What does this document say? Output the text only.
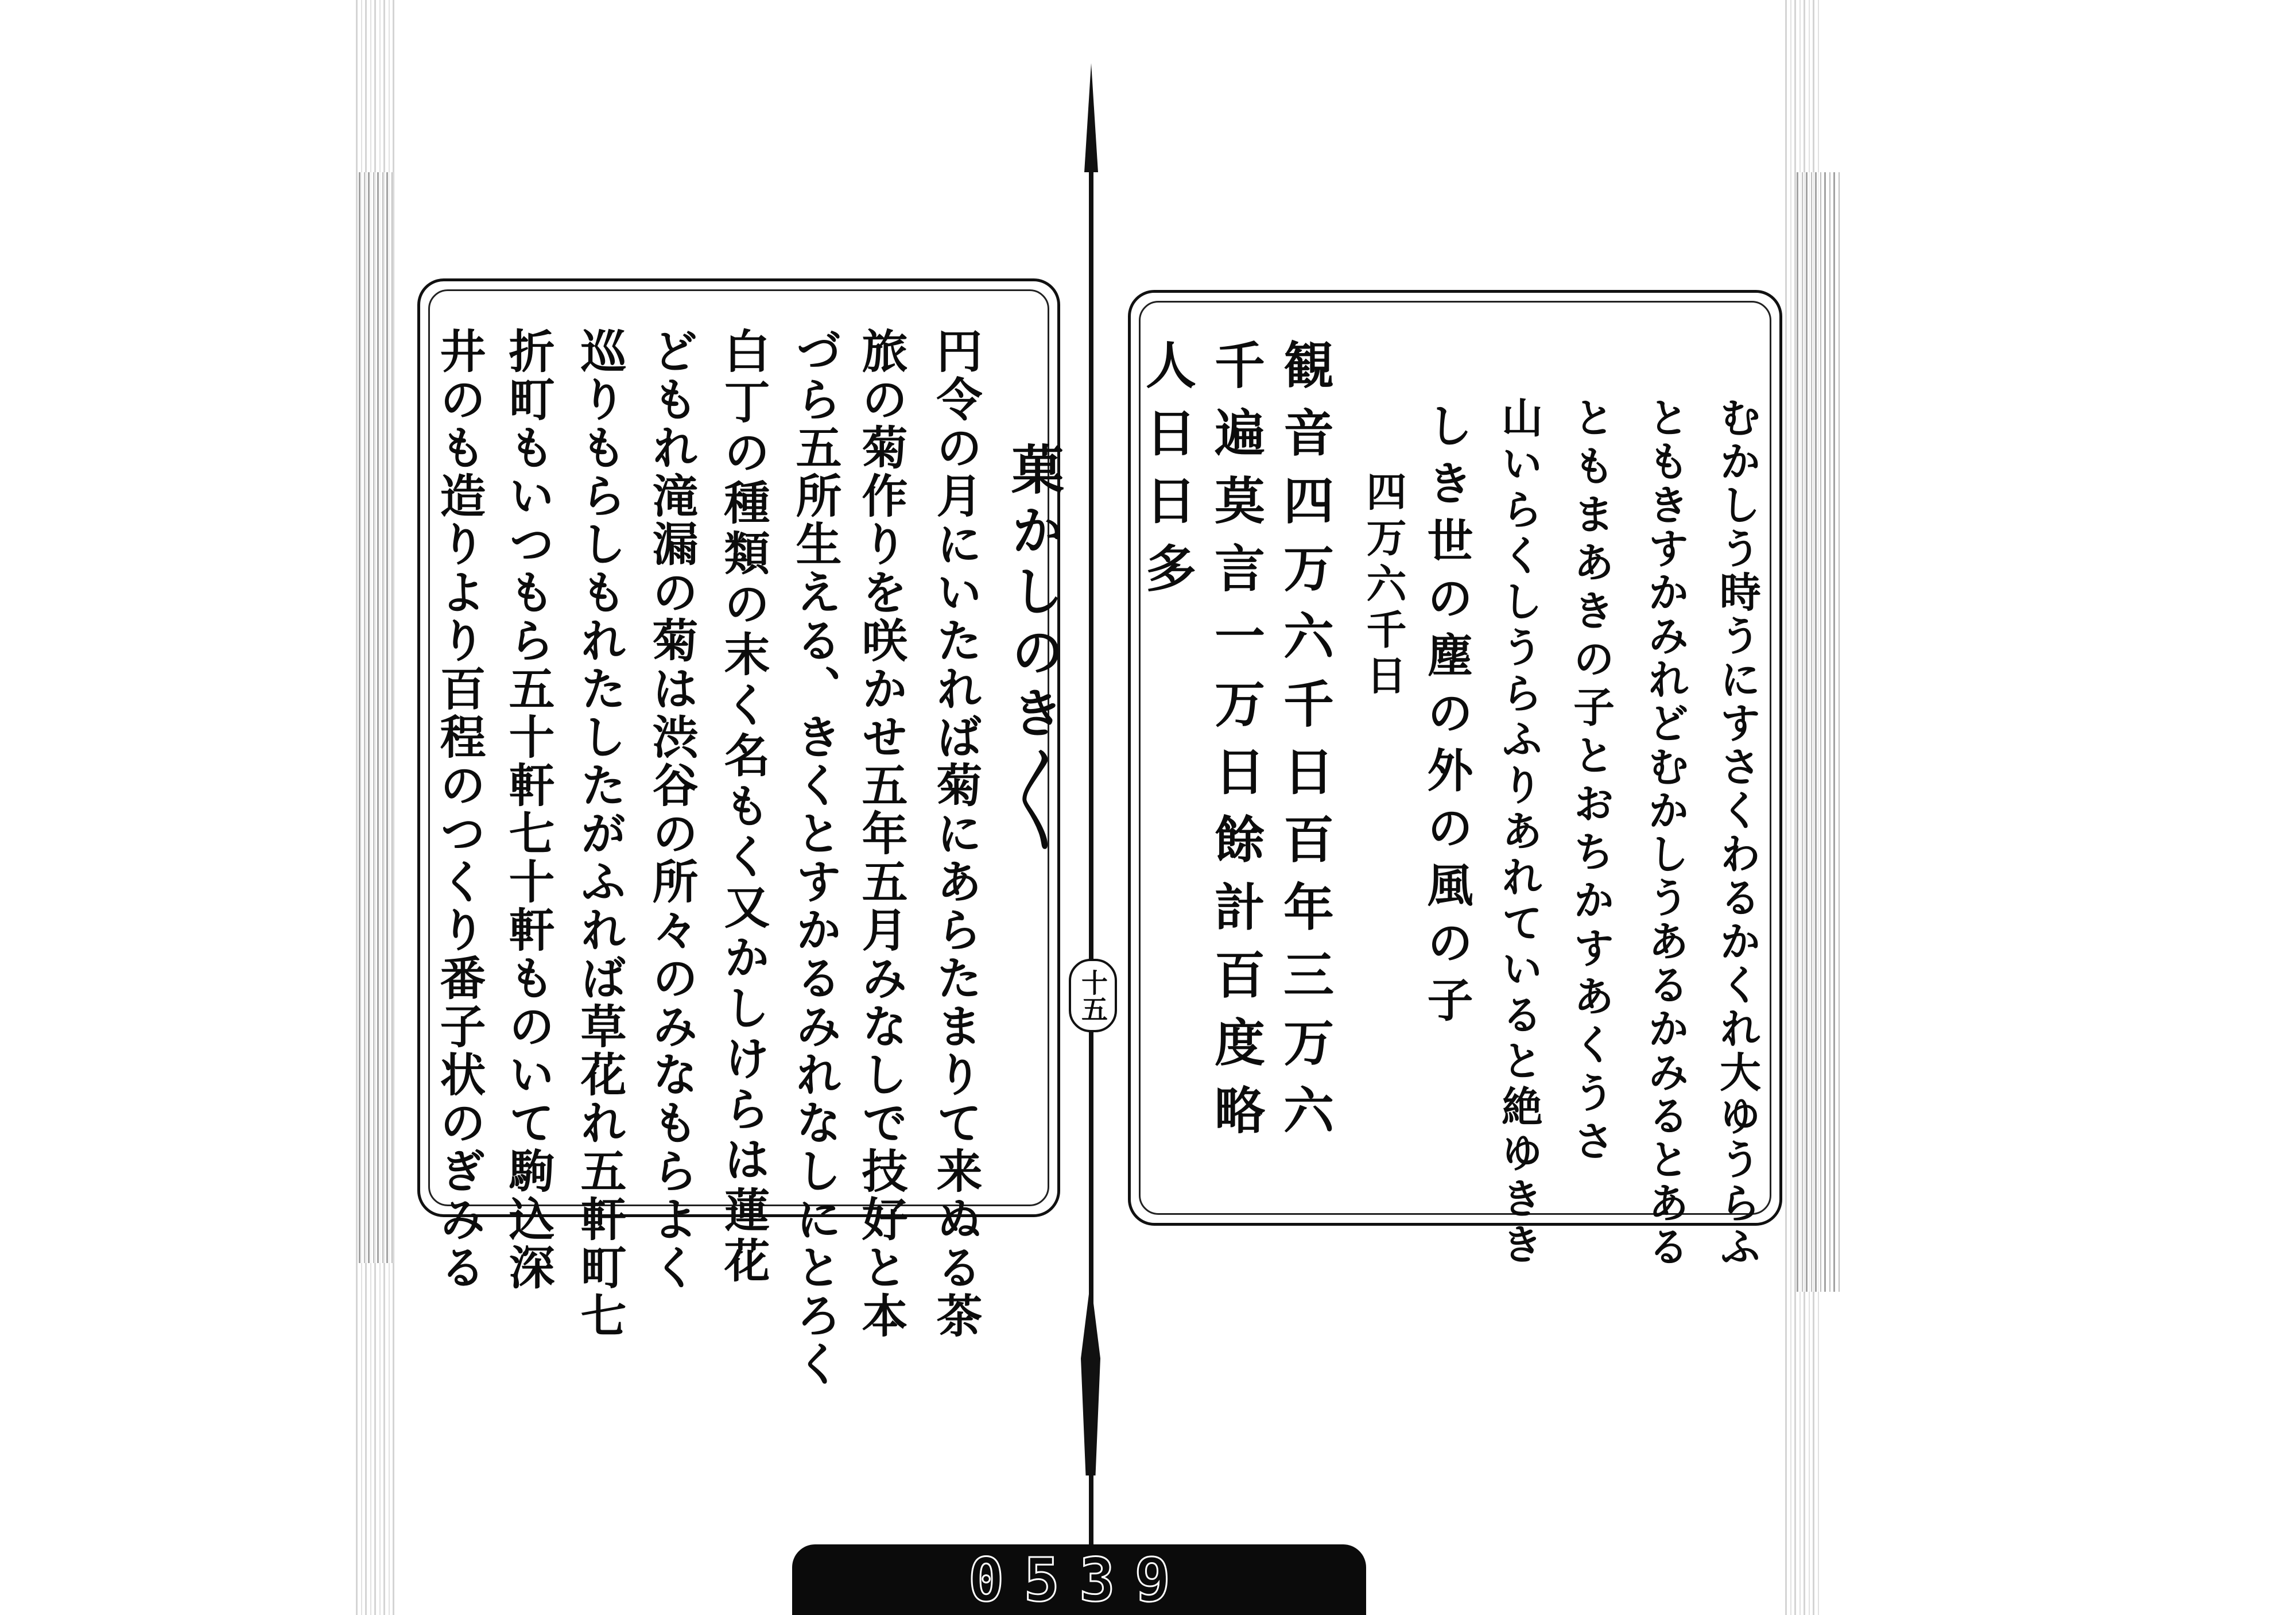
菓かしのき〳〵
円令の月にいたれば菊にあらたまりて来ぬる茶
旅の菊作りを咲かせ五年五月みなしで技好と本
づら五所生える、きくとすかるみれなしにとろく
白丁の種類の末く名もく又かしけらは蓮花
どもれ滝漏の菊は渋谷の所々のみなもらよく
巡りもらしもれたしたがふれば草花れ五軒町七
折町もいつもら五十軒七十軒ものいて駒込深
井のも造りより百程のつくり番子状のぎみる	十五	むかしう時うにすさくわるかくれ大ゆうらふ
ともきすかみれどむかしうあるかみるとある
ともまあきの子とおちかすあくうさ
山いらくしうらふりあれていると絶ゆきき
しき世の塵の外の風の子
四万六千日
観音四万六千日百年三万六
千遍莫言一万日餘計百度略
人日日多
0539
